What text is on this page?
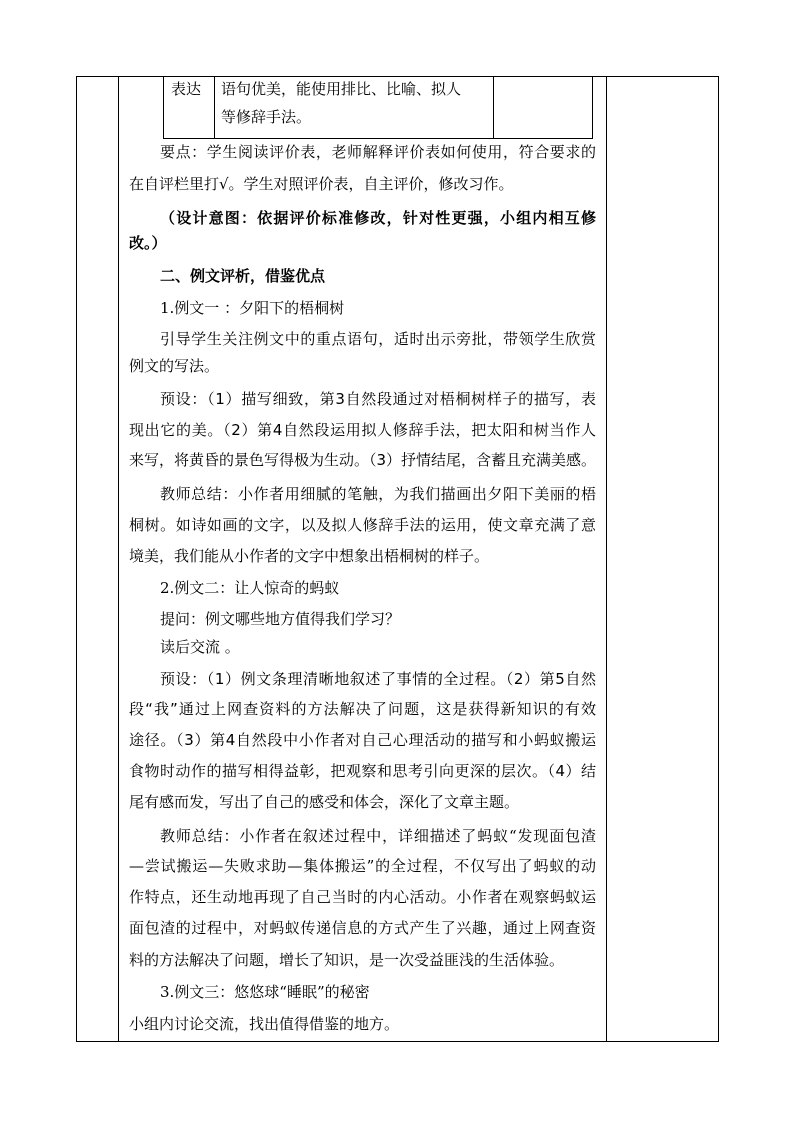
表达 语句优美，能使用排比、比喻、拟人
等修辞手法。
要点：学生阅读评价表，老师解释评价表如何使用，符合要求的
在自评栏里打√。学生对照评价表，自主评价，修改习作。
（设计意图：依据评价标准修改，针对性更强，小组内相互修
改。）
二、例文评析，借鉴优点
1.例文一 ：夕阳下的梧桐树
引导学生关注例文中的重点语句，适时出示旁批，带领学生欣赏
例文的写法。
预设：（1）描写细致，第3自然段通过对梧桐树样子的描写，表
现出它的美。（2）第4自然段运用拟人修辞手法，把太阳和树当作人
来写，将黄昏的景色写得极为生动。（3）抒情结尾，含蓄且充满美感。
教师总结：小作者用细腻的笔触，为我们描画出夕阳下美丽的梧
桐树。如诗如画的文字，以及拟人修辞手法的运用，使文章充满了意
境美，我们能从小作者的文字中想象出梧桐树的样子。
2.例文二：让人惊奇的蚂蚁
提问：例文哪些地方值得我们学习？
读后交流 。
预设：（1）例文条理清晰地叙述了事情的全过程。（2）第5自然
段“我”通过上网查资料的方法解决了问题，这是获得新知识的有效
途径。（3）第4自然段中小作者对自己心理活动的描写和小蚂蚁搬运
食物时动作的描写相得益彰，把观察和思考引向更深的层次。（4）结
尾有感而发，写出了自己的感受和体会，深化了文章主题。
教师总结：小作者在叙述过程中，详细描述了蚂蚁“发现面包渣
—尝试搬运—失败求助—集体搬运”的全过程，不仅写出了蚂蚁的动
作特点，还生动地再现了自己当时的内心活动。小作者在观察蚂蚁运
面包渣的过程中，对蚂蚁传递信息的方式产生了兴趣，通过上网查资
料的方法解决了问题，增长了知识，是一次受益匪浅的生活体验。
3.例文三：悠悠球“睡眠”的秘密
小组内讨论交流，找出值得借鉴的地方。
